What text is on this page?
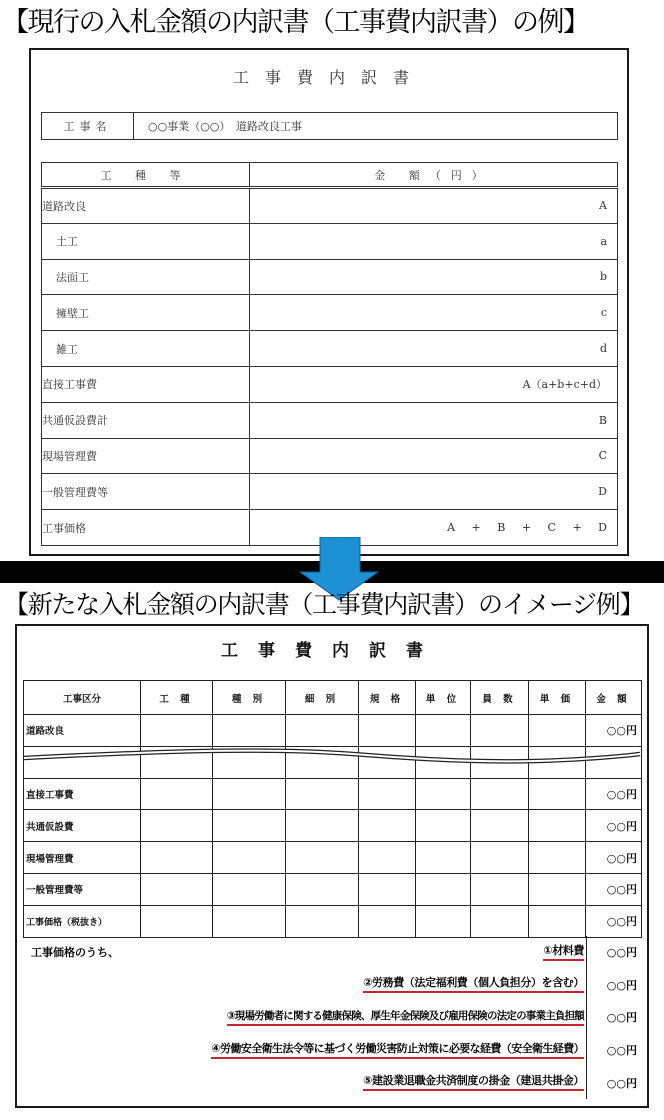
【現行の入札金額の内訳書（工事費内訳書）の例】
工事費内訳書
工事名	○○事業（○○）　道路改良工事
工 種 等	金 額（円）
道路改良	A
土工	a
法面工	b
擁壁工	c
雑工	d
直接工事費	A（a+b+c+d）
共通仮設費計	B
現場管理費	C
一般管理費等	D
工事価格	A + B + C + D
【新たな入札金額の内訳書（工事費内訳書）のイメージ例】
工事費内訳書
工事区分	工 種	種 別	細 別	規 格	単 位	員 数	単 価	金 額
道路改良								○○円

直接工事費								○○円
共通仮設費								○○円
現場管理費								○○円
一般管理費等								○○円
工事価格（税抜き）								○○円
工事価格のうち、	①材料費 ○○円
②労務費（法定福利費（個人負担分）を含む） ○○円
③現場労働者に関する健康保険、厚生年金保険及び雇用保険の法定の事業主負担額 ○○円
④労働安全衛生法令等に基づく労働災害防止対策に必要な経費（安全衛生経費） ○○円
⑤建設業退職金共済制度の掛金（建退共掛金） ○○円
